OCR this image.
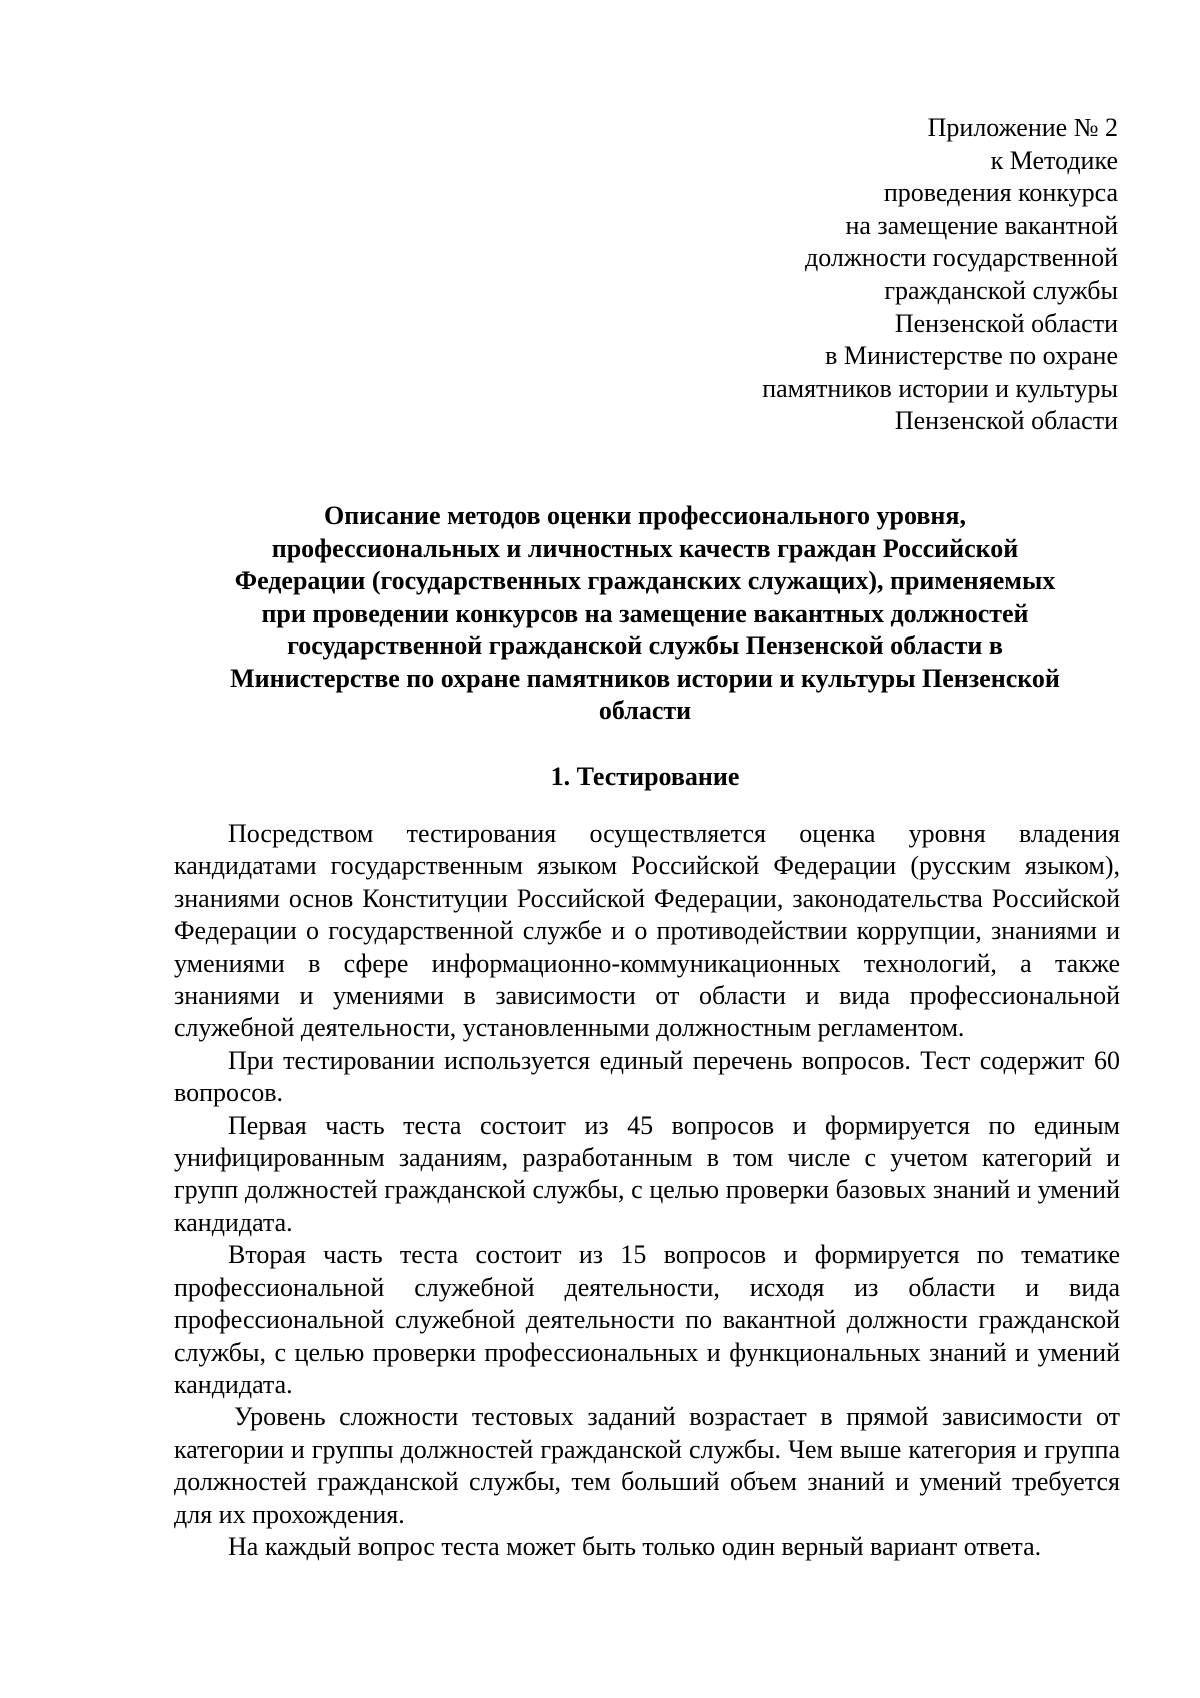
Приложение № 2
к Методике
проведения конкурса
на замещение вакантной
должности государственной
гражданской службы
Пензенской области
в Министерстве по охране
памятников истории и культуры
Пензенской области
Описание методов оценки профессионального уровня,
профессиональных и личностных качеств граждан Российской
Федерации (государственных гражданских служащих), применяемых
при проведении конкурсов на замещение вакантных должностей
государственной гражданской службы Пензенской области в
Министерстве по охране памятников истории и культуры Пензенской
области
1. Тестирование

Посредством тестирования осуществляется оценка уровня владения кандидатами государственным языком Российской Федерации (русским языком), знаниями основ Конституции Российской Федерации, законодательства Российской Федерации о государственной службе и о противодействии коррупции, знаниями и умениями в сфере информационно-коммуникационных технологий, а также знаниями и умениями в зависимости от области и вида профессиональной служебной деятельности, установленными должностным регламентом.

При тестировании используется единый перечень вопросов. Тест содержит 60 вопросов.

Первая часть теста состоит из 45 вопросов и формируется по единым унифицированным заданиям, разработанным в том числе с учетом категорий и групп должностей гражданской службы, с целью проверки базовых знаний и умений кандидата.

Вторая часть теста состоит из 15 вопросов и формируется по тематике профессиональной служебной деятельности, исходя из области и вида профессиональной служебной деятельности по вакантной должности гражданской службы, с целью проверки профессиональных и функциональных знаний и умений кандидата.

Уровень сложности тестовых заданий возрастает в прямой зависимости от категории и группы должностей гражданской службы. Чем выше категория и группа должностей гражданской службы, тем больший объем знаний и умений требуется для их прохождения.

На каждый вопрос теста может быть только один верный вариант ответа.
